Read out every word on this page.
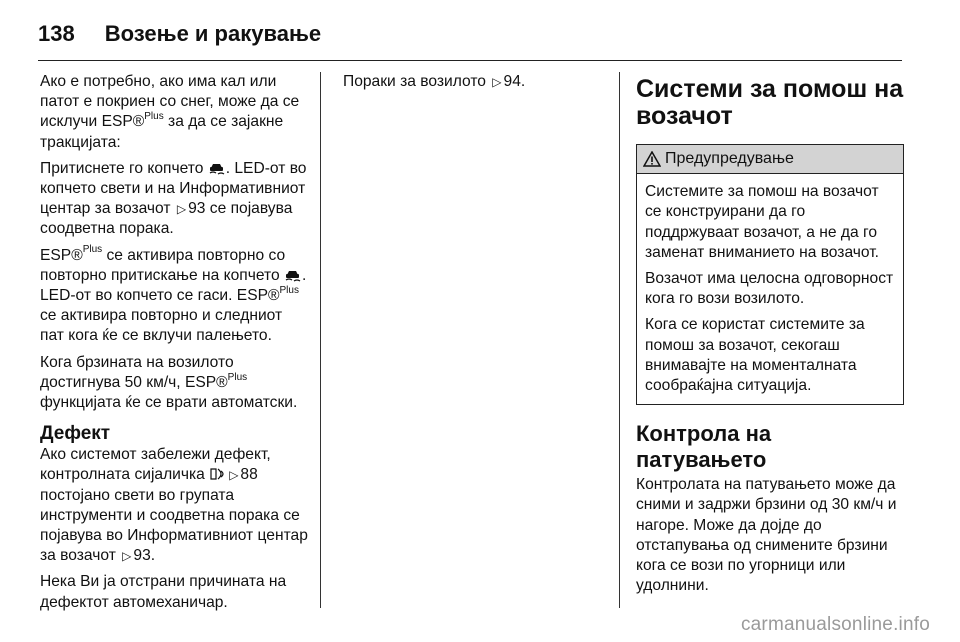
138 Возење и ракување

Ако е потребно, ако има кал или патот е покриен со снег, може да се исклучи ESP®$^{Plus}$ за да се зајакне тракцијата:

Притиснете го копчето . LED-от во копчето свети и на Информативниот центар за возачот ▷ 93 се појавува соодветна порака.

ESP®$^{Plus}$ се активира повторно со повторно притискање на копчето . LED-от во копчето се гаси. ESP®$^{Plus}$ се активира повторно и следниот пат кога ќе се вклучи палењето.

Кога брзината на возилото достигнува 50 км/ч, ESP®$^{Plus}$ функцијата ќе се врати автоматски.

Дефект

Ако системот забележи дефект, контролната сијаличка ▷ 88 постојано свети во групата инструменти и соодветна порака се појавува во Информативниот центар за возачот ▷ 93.

Нека Ви ја отстрани причината на дефектот автомеханичар.

Пораки за возилото ▷ 94.	Системи за помош на возачот
Предупредување

Системите за помош на возачот се конструирани да го поддржуваат возачот, а не да го заменат вниманието на возачот.

Возачот има целосна одговорност кога го вози возилото.

Кога се користат системите за помош за возачот, секогаш внимавајте на моменталната сообраќајна ситуација.

Контрола на патувањето

Контролата на патувањето може да сними и задржи брзини од 30 км/ч и нагоре. Може да дојде до отстапувања од снимените брзини кога се вози по угорници или удолнини.

carmanualsonline.info
